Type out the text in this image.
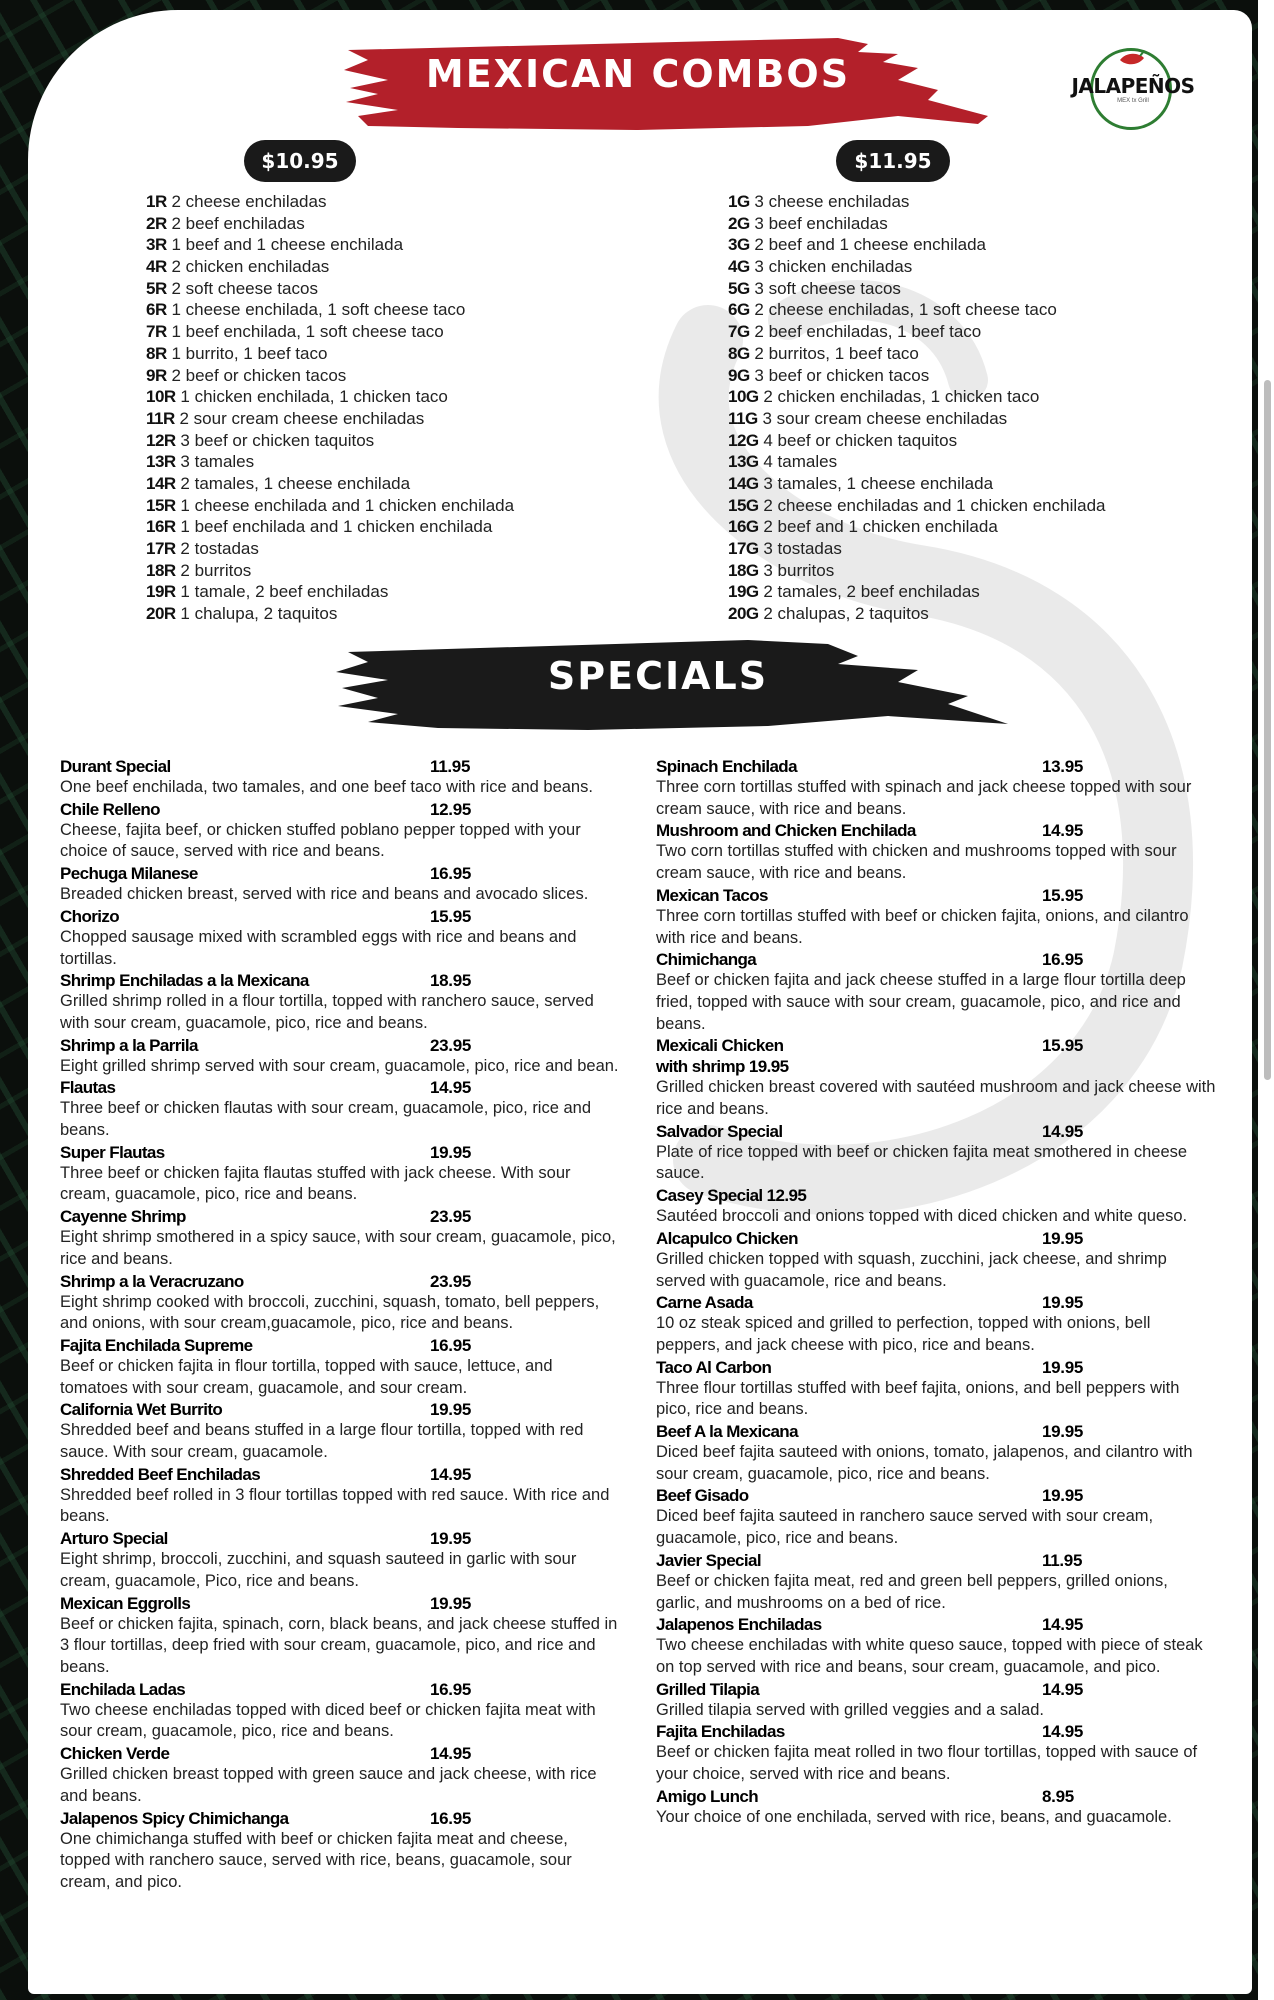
MEXICAN COMBOS	JALAPEÑOS
MEX tx Grill
$10.95	$11.95
1R 2 cheese enchiladas
2R 2 beef enchiladas
3R 1 beef and 1 cheese enchilada
4R 2 chicken enchiladas
5R 2 soft cheese tacos
6R 1 cheese enchilada, 1 soft cheese taco
7R 1 beef enchilada, 1 soft cheese taco
8R 1 burrito, 1 beef taco
9R 2 beef or chicken tacos
10R 1 chicken enchilada, 1 chicken taco
11R 2 sour cream cheese enchiladas
12R 3 beef or chicken taquitos
13R 3 tamales
14R 2 tamales, 1 cheese enchilada
15R 1 cheese enchilada and 1 chicken enchilada
16R 1 beef enchilada and 1 chicken enchilada
17R 2 tostadas
18R 2 burritos
19R 1 tamale, 2 beef enchiladas
20R 1 chalupa, 2 taquitos
1G 3 cheese enchiladas
2G 3 beef enchiladas
3G 2 beef and 1 cheese enchilada
4G 3 chicken enchiladas
5G 3 soft cheese tacos
6G 2 cheese enchiladas, 1 soft cheese taco
7G 2 beef enchiladas, 1 beef taco
8G 2 burritos, 1 beef taco
9G 3 beef or chicken tacos
10G 2 chicken enchiladas, 1 chicken taco
11G 3 sour cream cheese enchiladas
12G 4 beef or chicken taquitos
13G 4 tamales
14G 3 tamales, 1 cheese enchilada
15G 2 cheese enchiladas and 1 chicken enchilada
16G 2 beef and 1 chicken enchilada
17G 3 tostadas
18G 3 burritos
19G 2 tamales, 2 beef enchiladas
20G 2 chalupas, 2 taquitos
SPECIALS
Durant Special	11.95

One beef enchilada, two tamales, and one beef taco with rice and beans.

Chile Relleno	12.95

Cheese, fajita beef, or chicken stuffed poblano pepper topped with your choice of sauce, served with rice and beans.

Pechuga Milanese	16.95

Breaded chicken breast, served with rice and beans and avocado slices.

Chorizo	15.95

Chopped sausage mixed with scrambled eggs with rice and beans and tortillas.

Shrimp Enchiladas a la Mexicana	18.95

Grilled shrimp rolled in a flour tortilla, topped with ranchero sauce, served with sour cream, guacamole, pico, rice and beans.

Shrimp a la Parrila	23.95

Eight grilled shrimp served with sour cream, guacamole, pico, rice and bean.

Flautas	14.95

Three beef or chicken flautas with sour cream, guacamole, pico, rice and beans.

Super Flautas	19.95

Three beef or chicken fajita flautas stuffed with jack cheese. With sour cream, guacamole, pico, rice and beans.

Cayenne Shrimp	23.95

Eight shrimp smothered in a spicy sauce, with sour cream, guacamole, pico, rice and beans.

Shrimp a la Veracruzano	23.95

Eight shrimp cooked with broccoli, zucchini, squash, tomato, bell peppers, and onions, with sour cream,guacamole, pico, rice and beans.

Fajita Enchilada Supreme	16.95

Beef or chicken fajita in flour tortilla, topped with sauce, lettuce, and tomatoes with sour cream, guacamole, and sour cream.

California Wet Burrito	19.95

Shredded beef and beans stuffed in a large flour tortilla, topped with red sauce. With sour cream, guacamole.

Shredded Beef Enchiladas	14.95

Shredded beef rolled in 3 flour tortillas topped with red sauce. With rice and beans.

Arturo Special	19.95

Eight shrimp, broccoli, zucchini, and squash sauteed in garlic with sour cream, guacamole, Pico, rice and beans.

Mexican Eggrolls	19.95

Beef or chicken fajita, spinach, corn, black beans, and jack cheese stuffed in 3 flour tortillas, deep fried with sour cream, guacamole, pico, and rice and beans.

Enchilada Ladas	16.95

Two cheese enchiladas topped with diced beef or chicken fajita meat with sour cream, guacamole, pico, rice and beans.

Chicken Verde	14.95

Grilled chicken breast topped with green sauce and jack cheese, with rice and beans.

Jalapenos Spicy Chimichanga	16.95

One chimichanga stuffed with beef or chicken fajita meat and cheese, topped with ranchero sauce, served with rice, beans, guacamole, sour cream, and pico.

Spinach Enchilada	13.95

Three corn tortillas stuffed with spinach and jack cheese topped with sour cream sauce, with rice and beans.

Mushroom and Chicken Enchilada	14.95

Two corn tortillas stuffed with chicken and mushrooms topped with sour cream sauce, with rice and beans.

Mexican Tacos	15.95

Three corn tortillas stuffed with beef or chicken fajita, onions, and cilantro with rice and beans.

Chimichanga	16.95

Beef or chicken fajita and jack cheese stuffed in a large flour tortilla deep fried, topped with sauce with sour cream, guacamole, pico, and rice and beans.

Mexicali Chicken	15.95
with shrimp 19.95

Grilled chicken breast covered with sautéed mushroom and jack cheese with rice and beans.

Salvador Special	14.95

Plate of rice topped with beef or chicken fajita meat smothered in cheese sauce.

Casey Special 12.95

Sautéed broccoli and onions topped with diced chicken and white queso.

Alcapulco Chicken	19.95

Grilled chicken topped with squash, zucchini, jack cheese, and shrimp served with guacamole, rice and beans.

Carne Asada	19.95

10 oz steak spiced and grilled to perfection, topped with onions, bell peppers, and jack cheese with pico, rice and beans.

Taco Al Carbon	19.95

Three flour tortillas stuffed with beef fajita, onions, and bell peppers with pico, rice and beans.

Beef A la Mexicana	19.95

Diced beef fajita sauteed with onions, tomato, jalapenos, and cilantro with sour cream, guacamole, pico, rice and beans.

Beef Gisado	19.95

Diced beef fajita sauteed in ranchero sauce served with sour cream, guacamole, pico, rice and beans.

Javier Special	11.95

Beef or chicken fajita meat, red and green bell peppers, grilled onions, garlic, and mushrooms on a bed of rice.

Jalapenos Enchiladas	14.95

Two cheese enchiladas with white queso sauce, topped with piece of steak on top served with rice and beans, sour cream, guacamole, and pico.

Grilled Tilapia	14.95

Grilled tilapia served with grilled veggies and a salad.

Fajita Enchiladas	14.95

Beef or chicken fajita meat rolled in two flour tortillas, topped with sauce of your choice, served with rice and beans.

Amigo Lunch	8.95

Your choice of one enchilada, served with rice, beans, and guacamole.
